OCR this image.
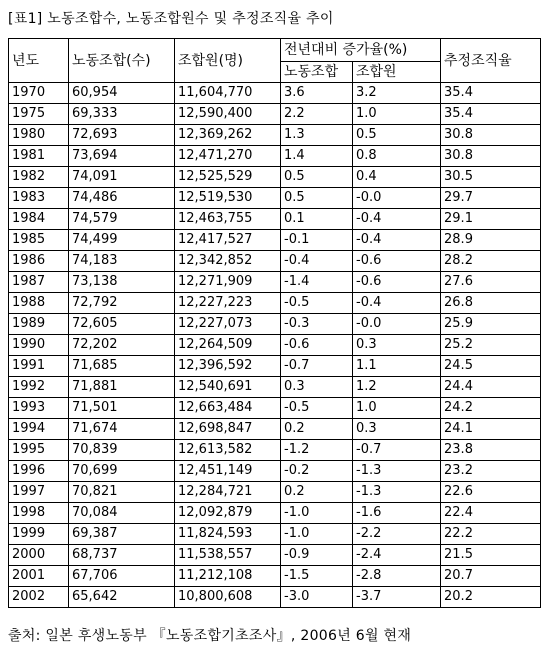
[표1] 노동조합수, 노동조합원수 및 추정조직율 추이
년도	노동조합(수)	조합원(명)	전년대비 증가율(%)		추정조직율
			노동조합	조합원	
1970	60,954	11,604,770	3.6	3.2	35.4
1975	69,333	12,590,400	2.2	1.0	35.4
1980	72,693	12,369,262	1.3	0.5	30.8
1981	73,694	12,471,270	1.4	0.8	30.8
1982	74,091	12,525,529	0.5	0.4	30.5
1983	74,486	12,519,530	0.5	-0.0	29.7
1984	74,579	12,463,755	0.1	-0.4	29.1
1985	74,499	12,417,527	-0.1	-0.4	28.9
1986	74,183	12,342,852	-0.4	-0.6	28.2
1987	73,138	12,271,909	-1.4	-0.6	27.6
1988	72,792	12,227,223	-0.5	-0.4	26.8
1989	72,605	12,227,073	-0.3	-0.0	25.9
1990	72,202	12,264,509	-0.6	0.3	25.2
1991	71,685	12,396,592	-0.7	1.1	24.5
1992	71,881	12,540,691	0.3	1.2	24.4
1993	71,501	12,663,484	-0.5	1.0	24.2
1994	71,674	12,698,847	0.2	0.3	24.1
1995	70,839	12,613,582	-1.2	-0.7	23.8
1996	70,699	12,451,149	-0.2	-1.3	23.2
1997	70,821	12,284,721	0.2	-1.3	22.6
1998	70,084	12,092,879	-1.0	-1.6	22.4
1999	69,387	11,824,593	-1.0	-2.2	22.2
2000	68,737	11,538,557	-0.9	-2.4	21.5
2001	67,706	11,212,108	-1.5	-2.8	20.7
2002	65,642	10,800,608	-3.0	-3.7	20.2
출처: 일본 후생노동부 『노동조합기초조사』, 2006년 6월 현재
